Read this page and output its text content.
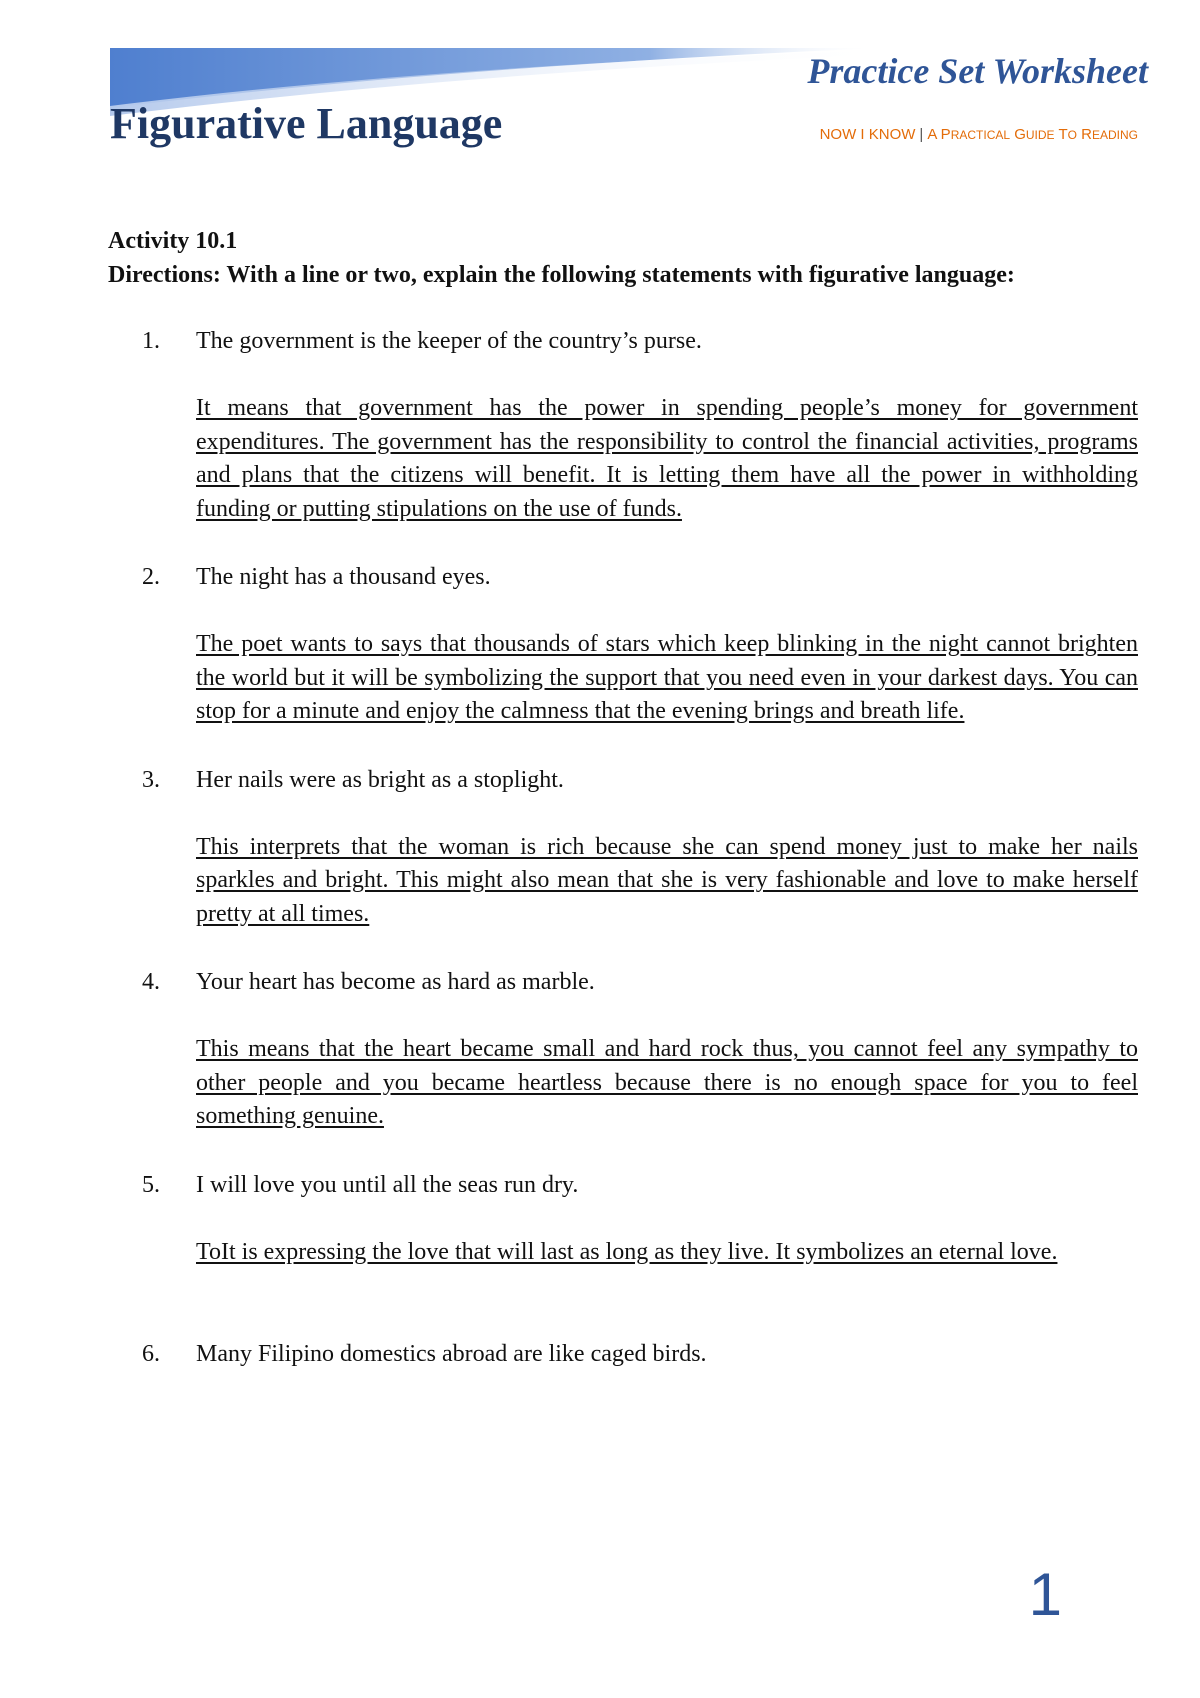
Practice Set Worksheet
Figurative Language	NOW I KNOW | A PRACTICAL GUIDE TO READING

Activity 10.1

Directions: With a line or two, explain the following statements with figurative language:

1. The government is the keeper of the country’s purse.

It means that government has the power in spending people’s money for government expenditures. The government has the responsibility to control the financial activities, programs and plans that the citizens will benefit. It is letting them have all the power in withholding funding or putting stipulations on the use of funds.

2. The night has a thousand eyes.

The poet wants to says that thousands of stars which keep blinking in the night cannot brighten the world but it will be symbolizing the support that you need even in your darkest days. You can stop for a minute and enjoy the calmness that the evening brings and breath life.

3. Her nails were as bright as a stoplight.

This interprets that the woman is rich because she can spend money just to make her nails sparkles and bright. This might also mean that she is very fashionable and love to make herself pretty at all times.

4. Your heart has become as hard as marble.

This means that the heart became small and hard rock thus, you cannot feel any sympathy to other people and you became heartless because there is no enough space for you to feel something genuine.

5. I will love you until all the seas run dry.

ToIt is expressing the love that will last as long as they live. It symbolizes an eternal love.

6. Many Filipino domestics abroad are like caged birds.

1
